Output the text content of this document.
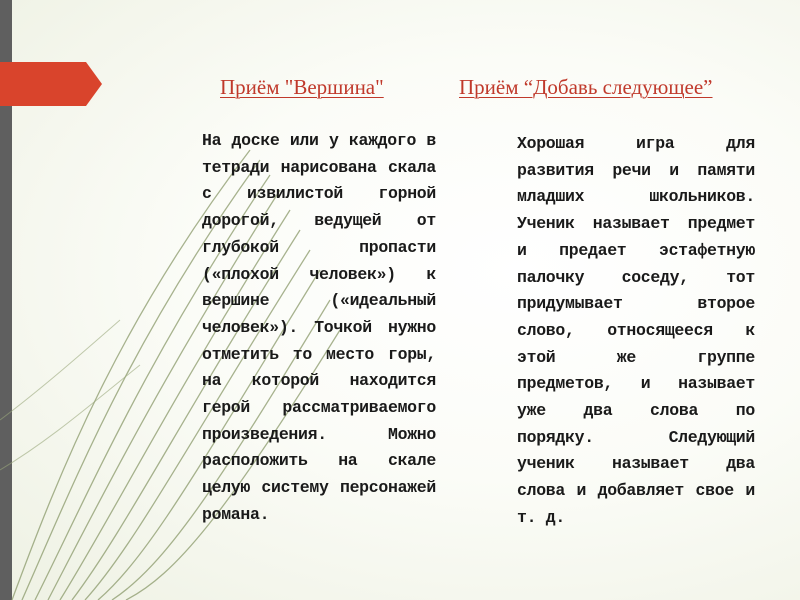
Приём "Вершина"	Приём “Добавь следующее”

На доске или у каждого в тетради нарисована скала с извилистой горной дорогой, ведущей от глубокой пропасти («плохой человек») к вершине («идеальный человек»). Точкой нужно отметить то место горы, на которой находится герой рассматриваемого произведения. Можно расположить на скале целую систему персонажей романа.

Хорошая игра для развития речи и памяти младших школьников. Ученик называет предмет и предает эстафетную палочку соседу, тот придумывает второе слово, относящееся к этой же группе предметов, и называет уже два слова по порядку. Следующий ученик называет два слова и добавляет свое и т. д.
